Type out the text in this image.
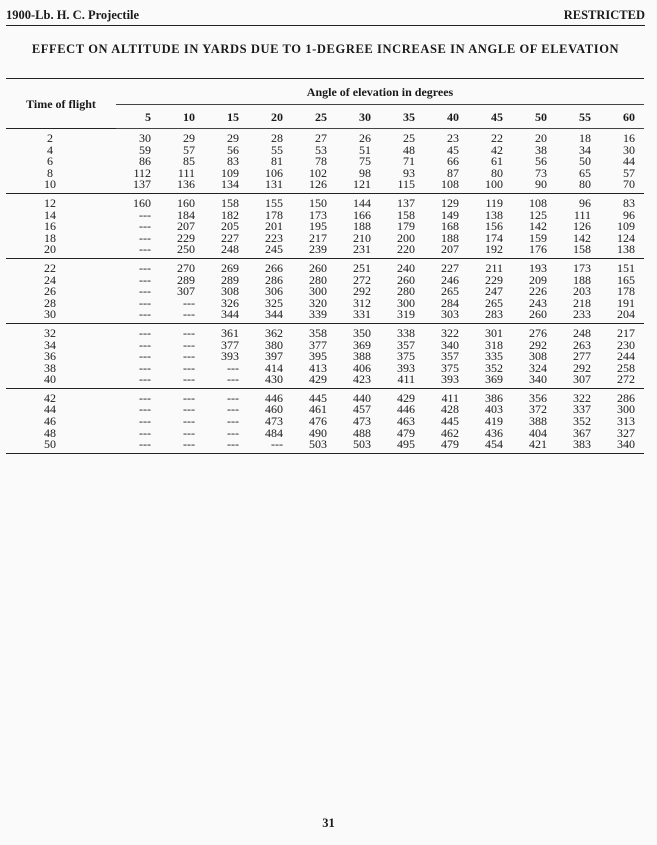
1900-Lb. H. C. Projectile	RESTRICTED
EFFECT ON ALTITUDE IN YARDS DUE TO 1-DEGREE INCREASE IN ANGLE OF ELEVATION
Time of flight	Angle of elevation in degrees											
	5	10	15	20	25	30	35	40	45	50	55	60
2	30	29	29	28	27	26	25	23	22	20	18	16
4	59	57	56	55	53	51	48	45	42	38	34	30
6	86	85	83	81	78	75	71	66	61	56	50	44
8	112	111	109	106	102	98	93	87	80	73	65	57
10	137	136	134	131	126	121	115	108	100	90	80	70
12	160	160	158	155	150	144	137	129	119	108	96	83
14	---	184	182	178	173	166	158	149	138	125	111	96
16	---	207	205	201	195	188	179	168	156	142	126	109
18	---	229	227	223	217	210	200	188	174	159	142	124
20	---	250	248	245	239	231	220	207	192	176	158	138
22	---	270	269	266	260	251	240	227	211	193	173	151
24	---	289	289	286	280	272	260	246	229	209	188	165
26	---	307	308	306	300	292	280	265	247	226	203	178
28	---	---	326	325	320	312	300	284	265	243	218	191
30	---	---	344	344	339	331	319	303	283	260	233	204
32	---	---	361	362	358	350	338	322	301	276	248	217
34	---	---	377	380	377	369	357	340	318	292	263	230
36	---	---	393	397	395	388	375	357	335	308	277	244
38	---	---	---	414	413	406	393	375	352	324	292	258
40	---	---	---	430	429	423	411	393	369	340	307	272
42	---	---	---	446	445	440	429	411	386	356	322	286
44	---	---	---	460	461	457	446	428	403	372	337	300
46	---	---	---	473	476	473	463	445	419	388	352	313
48	---	---	---	484	490	488	479	462	436	404	367	327
50	---	---	---	---	503	503	495	479	454	421	383	340
31
